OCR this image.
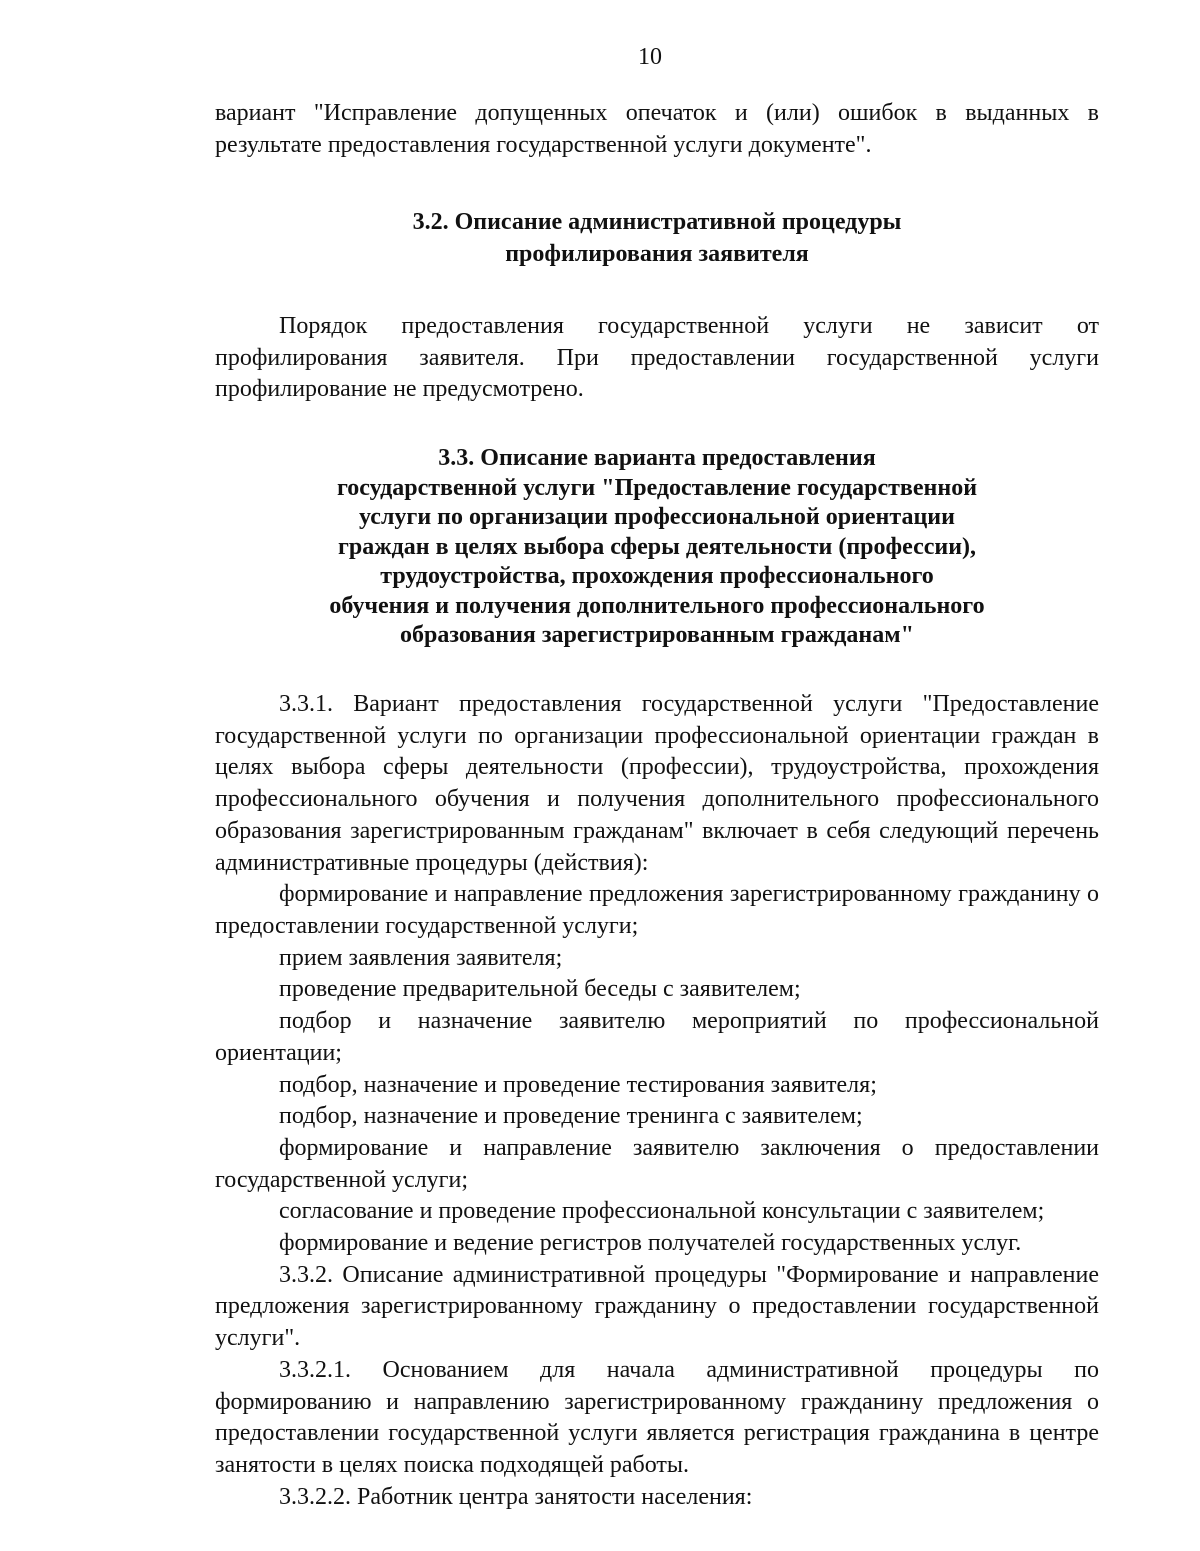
10

вариант "Исправление допущенных опечаток и (или) ошибок в выданных в результате предоставления государственной услуги документе".

3.2. Описание административной процедуры
профилирования заявителя

Порядок предоставления государственной услуги не зависит от профилирования заявителя. При предоставлении государственной услуги профилирование не предусмотрено.

3.3. Описание варианта предоставления
государственной услуги "Предоставление государственной
услуги по организации профессиональной ориентации
граждан в целях выбора сферы деятельности (профессии),
трудоустройства, прохождения профессионального
обучения и получения дополнительного профессионального
образования зарегистрированным гражданам"

3.3.1. Вариант предоставления государственной услуги "Предоставление государственной услуги по организации профессиональной ориентации граждан в целях выбора сферы деятельности (профессии), трудоустройства, прохождения профессионального обучения и получения дополнительного профессионального образования зарегистрированным гражданам" включает в себя следующий перечень административные процедуры (действия):

формирование и направление предложения зарегистрированному гражданину о предоставлении государственной услуги;

прием заявления заявителя;

проведение предварительной беседы с заявителем;

подбор и назначение заявителю мероприятий по профессиональной ориентации;

подбор, назначение и проведение тестирования заявителя;

подбор, назначение и проведение тренинга с заявителем;

формирование и направление заявителю заключения о предоставлении государственной услуги;

согласование и проведение профессиональной консультации с заявителем;

формирование и ведение регистров получателей государственных услуг.

3.3.2. Описание административной процедуры "Формирование и направление предложения зарегистрированному гражданину о предоставлении государственной услуги".

3.3.2.1. Основанием для начала административной процедуры по формированию и направлению зарегистрированному гражданину предложения о предоставлении государственной услуги является регистрация гражданина в центре занятости в целях поиска подходящей работы.

3.3.2.2. Работник центра занятости населения:
